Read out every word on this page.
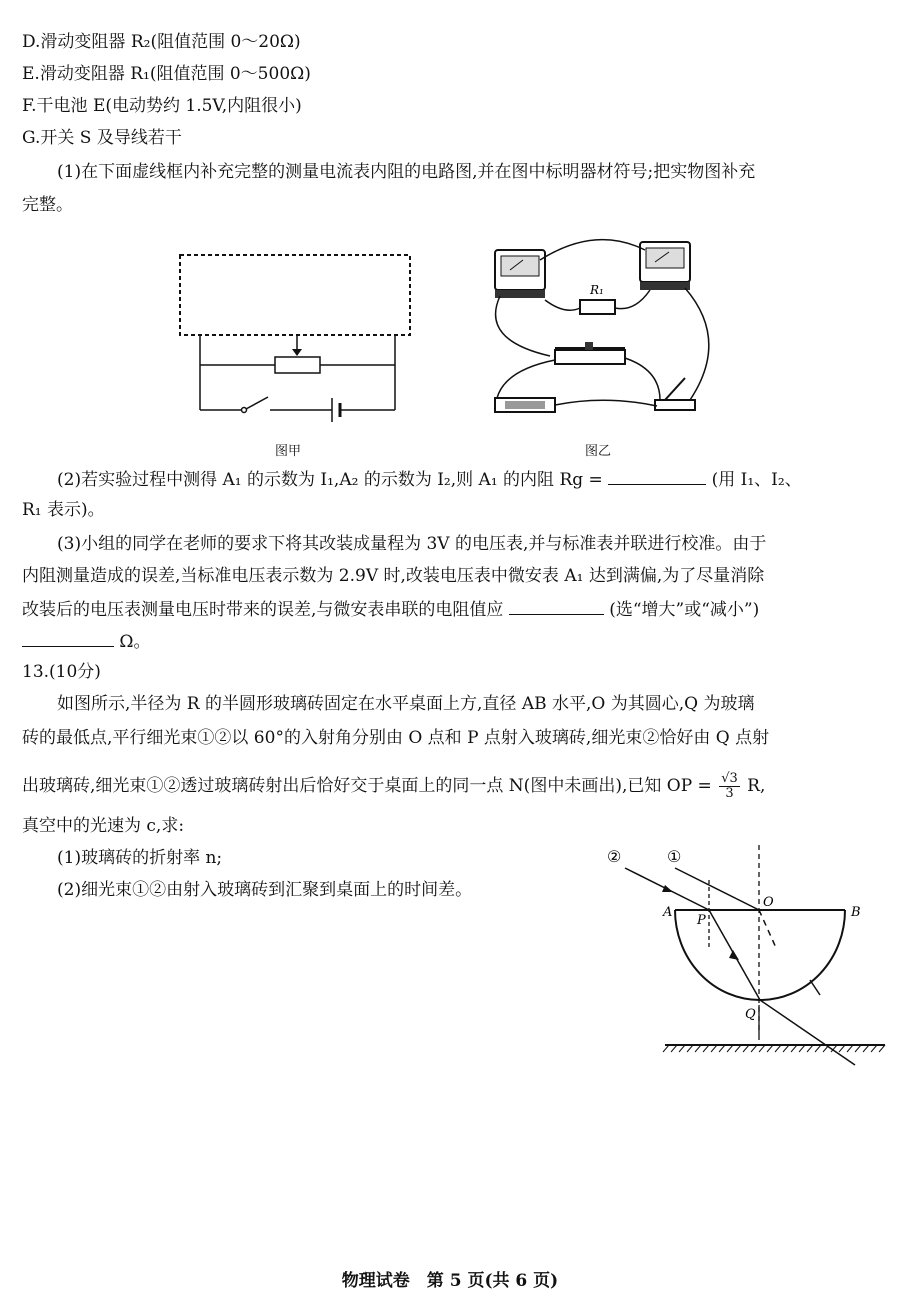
D.滑动变阻器 R₂(阻值范围 0～20Ω)
E.滑动变阻器 R₁(阻值范围 0～500Ω)
F.干电池 E(电动势约 1.5V,内阻很小)
G.开关 S 及导线若干
(1)在下面虚线框内补充完整的测量电流表内阻的电路图,并在图中标明器材符号;把实物图补充
完整。
图甲
R₁
图乙
(2)若实验过程中测得 A₁ 的示数为 I₁,A₂ 的示数为 I₂,则 A₁ 的内阻 Rg =	(用 I₁、I₂、
R₁ 表示)。
(3)小组的同学在老师的要求下将其改装成量程为 3V 的电压表,并与标准表并联进行校准。由于
内阻测量造成的误差,当标准电压表示数为 2.9V 时,改装电压表中微安表 A₁ 达到满偏,为了尽量消除
改装后的电压表测量电压时带来的误差,与微安表串联的电阻值应	(选“增大”或“减小”)
Ω。
13.(10分)
如图所示,半径为 R 的半圆形玻璃砖固定在水平桌面上方,直径 AB 水平,O 为其圆心,Q 为玻璃
砖的最低点,平行细光束①②以 60°的入射角分别由 O 点和 P 点射入玻璃砖,细光束②恰好由 Q 点射
出玻璃砖,细光束①②透过玻璃砖射出后恰好交于桌面上的同一点 N(图中未画出),已知 OP = $\frac{√3}{3} R$,
真空中的光速为 c,求:
(1)玻璃砖的折射率 n;
(2)细光束①②由射入玻璃砖到汇聚到桌面上的时间差。
②	①
A	B
O
P
Q
物理试卷　第 5 页(共 6 页)
